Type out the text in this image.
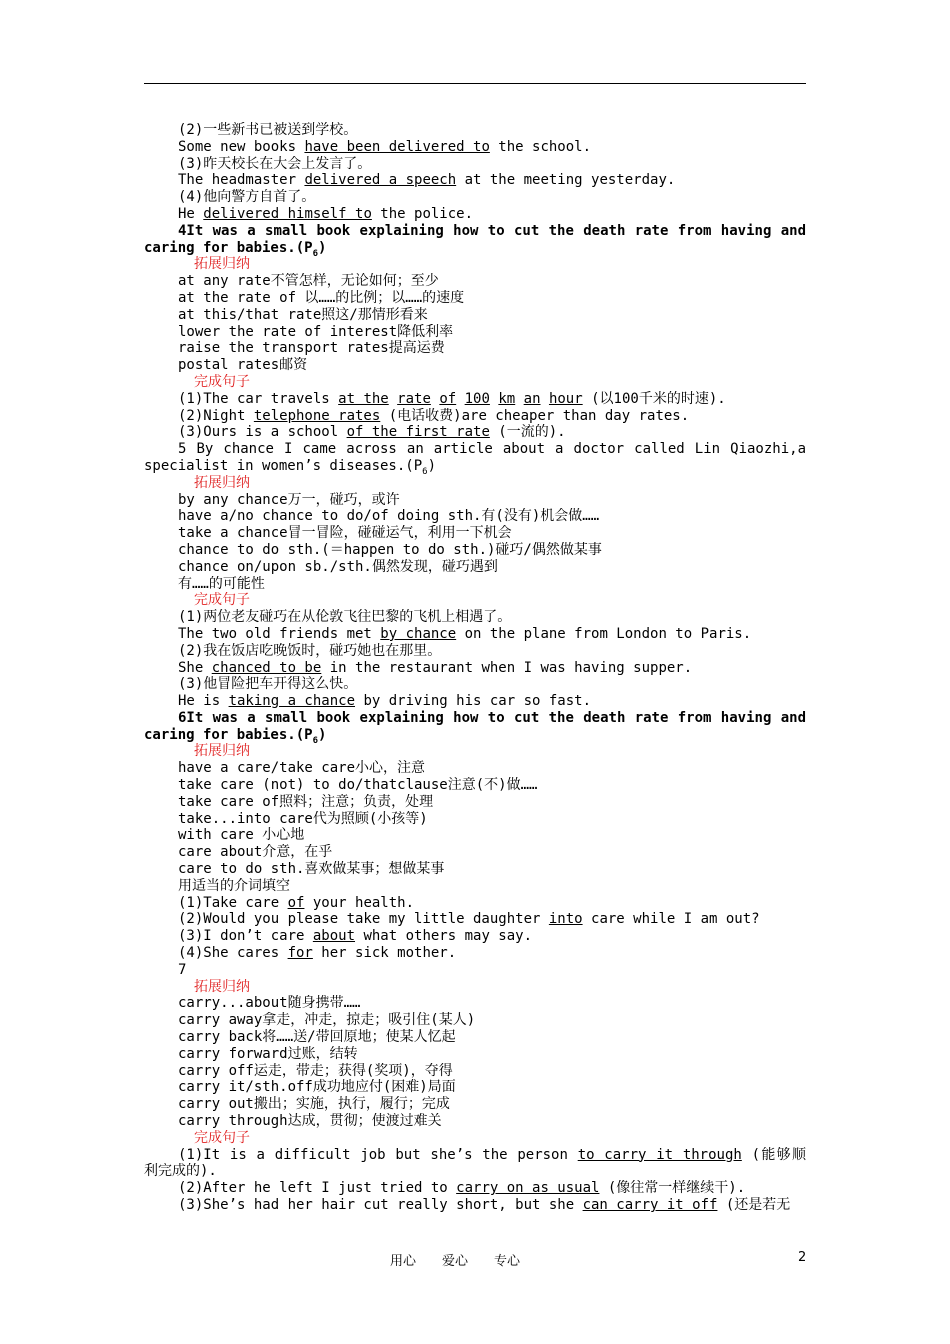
(2)一些新书已被送到学校。
Some new books have been delivered to the school.
(3)昨天校长在大会上发言了。
The headmaster delivered a speech at the meeting yesterday.
(4)他向警方自首了。
He delivered himself to the police.
4It was a small book explaining how to cut the death rate from having and
caring for $babies.(P_6)$
拓展归纳
at any rate不管怎样，无论如何；至少
at the rate of 以……的比例；以……的速度
at this/that rate照这/那情形看来
lower the rate of interest降低利率
raise the transport rates提高运费
postal rates邮资
完成句子
(1)The car travels at the rate of 100 km an hour (以100千米的时速).
(2)Night telephone rates (电话收费)are cheaper than day rates.
(3)Ours is a school of the first rate (一流的).
5 By chance I came across an article about a doctor called Lin Qiaozhi,a
specialist in women’s $diseases.(P_6)$
拓展归纳
by any chance万一，碰巧，或许
have a/no chance to do/of doing sth.有(没有)机会做……
take a chance冒一冒险，碰碰运气，利用一下机会
chance to do sth.(＝happen to do sth.)碰巧/偶然做某事
chance on/upon sb./sth.偶然发现，碰巧遇到
有……的可能性
完成句子
(1)两位老友碰巧在从伦敦飞往巴黎的飞机上相遇了。
The two old friends met by chance on the plane from London to Paris.
(2)我在饭店吃晚饭时，碰巧她也在那里。
She chanced to be in the restaurant when I was having supper.
(3)他冒险把车开得这么快。
He is taking a chance by driving his car so fast.
6It was a small book explaining how to cut the death rate from having and
caring for $babies.(P_6)$
拓展归纳
have a care/take care小心，注意
take care (not) to do/thatclause注意(不)做……
take care of照料；注意；负责，处理
take...into care代为照顾(小孩等)
with care 小心地
care about介意，在乎
care to do sth.喜欢做某事；想做某事
用适当的介词填空
(1)Take care of your health.
(2)Would you please take my little daughter into care while I am out?
(3)I don’t care about what others may say.
(4)She cares for her sick mother.
7
拓展归纳
carry...about随身携带……
carry away拿走，冲走，掠走；吸引住(某人)
carry back将……送/带回原地；使某人忆起
carry forward过账，结转
carry off运走，带走；获得(奖项)，夺得
carry it/sth.off成功地应付(困难)局面
carry out搬出；实施，执行，履行；完成
carry through达成，贯彻；使渡过难关
完成句子
(1)It is a difficult job but she’s the person to carry it through (能够顺
利完成的).
(2)After he left I just tried to carry on as usual (像往常一样继续干).
(3)She’s had her hair cut really short, but she can carry it off (还是若无
用心　　爱心　　专心	2
